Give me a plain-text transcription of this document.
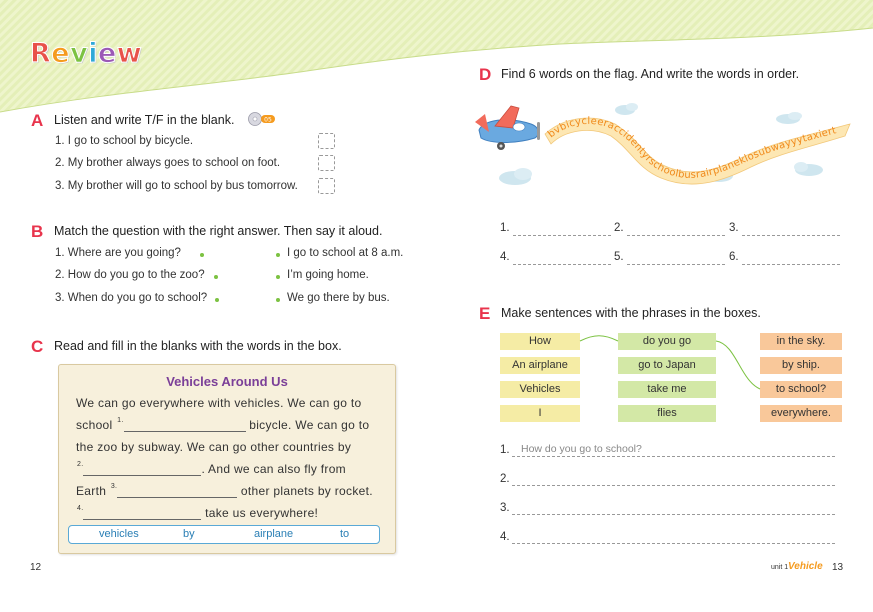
Review
A Listen and write T/F in the blank.	05
1. I go to school by bicycle.
2. My brother always goes to school on foot.
3. My brother will go to school by bus tomorrow.
B Match the question with the right answer. Then say it aloud.
1. Where are you going?
2. How do you go to the zoo?
3. When do you go to school?
I go to school at 8 a.m.
I’m going home.
We go there by bus.
C Read and fill in the blanks with the words in the box.
Vehicles Around Us
We can go everywhere with vehicles. We can go to
school $^{1.}$	bicycle. We can go to
the zoo by subway. We can go other countries by
$^{2.}$	. And we can also fly from
Earth $^{3.}$	other planets by rocket.
$^{4.}$	take us everywhere!
vehicles	by	airplane	to
D Find 6 words on the flag. And write the words in order.
bvbicycleeraccidentyrschoolbusrairplaneklosubwayyytaxiert
1.	2.	3.
4.	5.	6.
E Make sentences with the phrases in the boxes.
How
An airplane
Vehicles
I
do you go
go to Japan
take me
flies
in the sky.
by ship.
to school?
everywhere.
1. How do you go to school?
2.
3.
4.
12	unit 1 Vehicle 13
